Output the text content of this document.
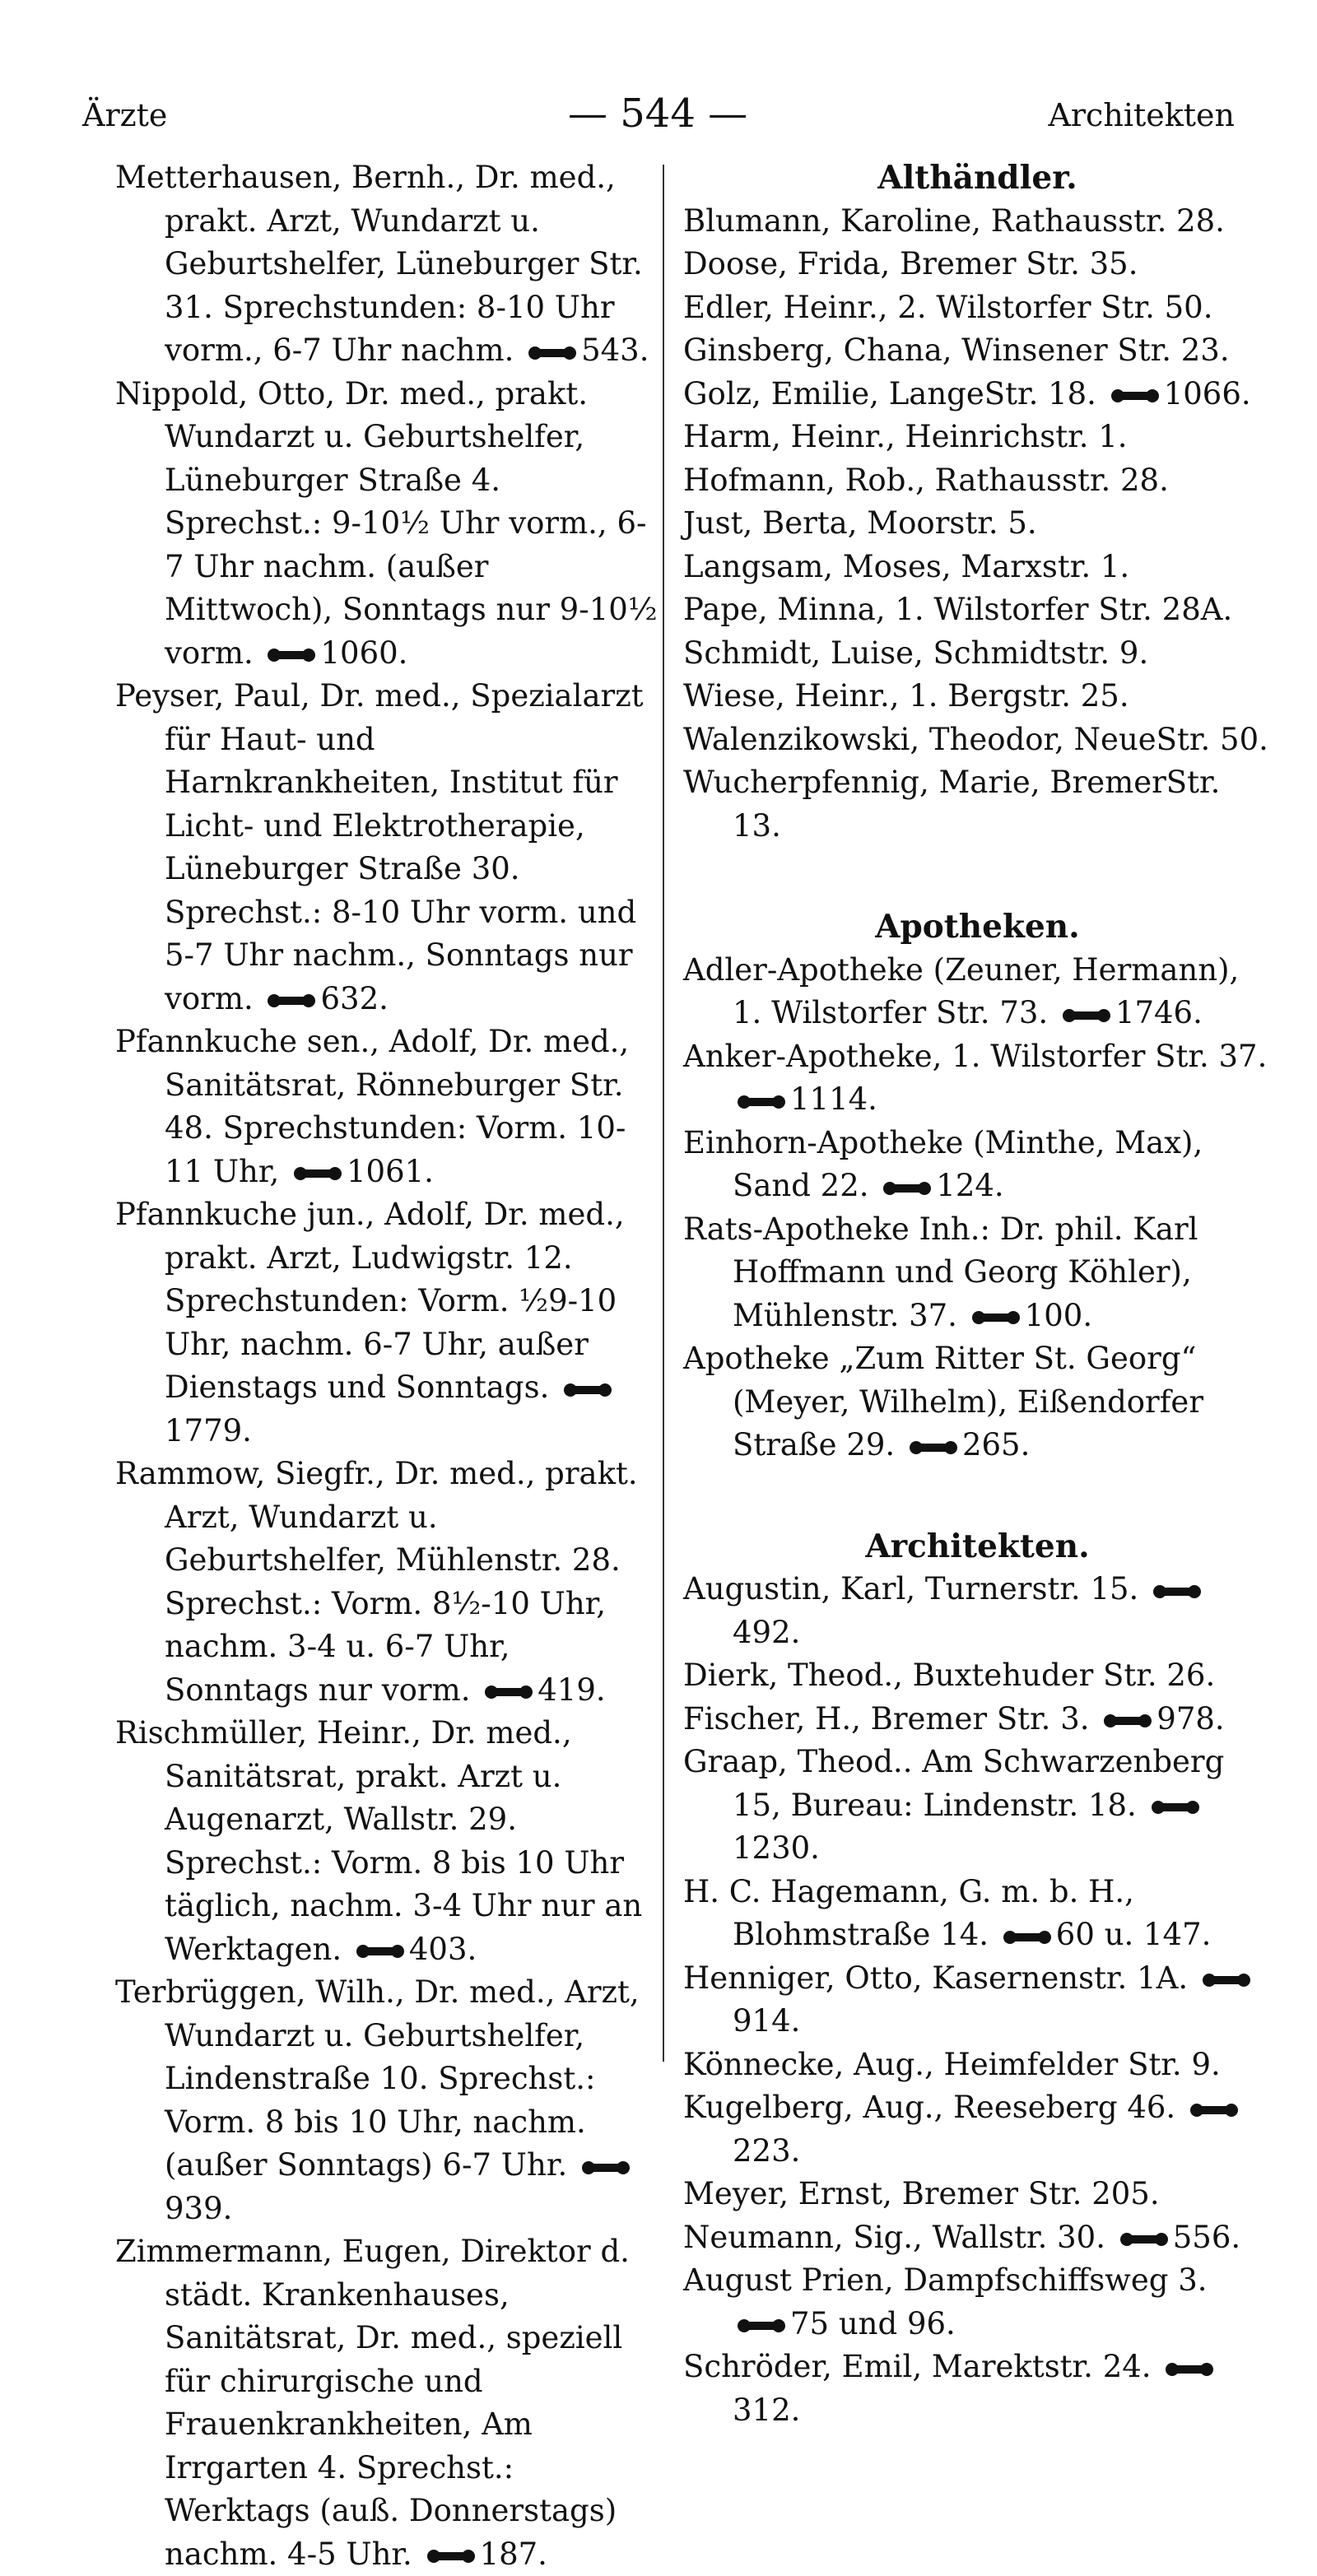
Ärzte	— 544 —	Architekten

Metterhausen, Bernh., Dr. med., prakt. Arzt, Wundarzt u. Geburtshelfer, Lüneburger Str. 31. Sprechstunden: 8-10 Uhr vorm., 6-7 Uhr nachm. 543.

Nippold, Otto, Dr. med., prakt. Wundarzt u. Geburtshelfer, Lüneburger Straße 4. Sprechst.: 9-10½ Uhr vorm., 6-7 Uhr nachm. (außer Mittwoch), Sonntags nur 9-10½ vorm. 1060.

Peyser, Paul, Dr. med., Spezialarzt für Haut- und Harnkrankheiten, Institut für Licht- und Elektrotherapie, Lüneburger Straße 30. Sprechst.: 8-10 Uhr vorm. und 5-7 Uhr nachm., Sonntags nur vorm. 632.

Pfannkuche sen., Adolf, Dr. med., Sanitätsrat, Rönneburger Str. 48. Sprechstunden: Vorm. 10-11 Uhr, 1061.

Pfannkuche jun., Adolf, Dr. med., prakt. Arzt, Ludwigstr. 12. Sprechstunden: Vorm. ½9-10 Uhr, nachm. 6-7 Uhr, außer Dienstags und Sonntags. 1779.

Rammow, Siegfr., Dr. med., prakt. Arzt, Wundarzt u. Geburtshelfer, Mühlenstr. 28. Sprechst.: Vorm. 8½-10 Uhr, nachm. 3-4 u. 6-7 Uhr, Sonntags nur vorm. 419.

Rischmüller, Heinr., Dr. med., Sanitätsrat, prakt. Arzt u. Augenarzt, Wallstr. 29. Sprechst.: Vorm. 8 bis 10 Uhr täglich, nachm. 3-4 Uhr nur an Werktagen. 403.

Terbrüggen, Wilh., Dr. med., Arzt, Wundarzt u. Geburtshelfer, Lindenstraße 10. Sprechst.: Vorm. 8 bis 10 Uhr, nachm. (außer Sonntags) 6-7 Uhr. 939.

Zimmermann, Eugen, Direktor d. städt. Krankenhauses, Sanitätsrat, Dr. med., speziell für chirurgische und Frauenkrankheiten, Am Irrgarten 4. Sprechst.: Werktags (auß. Donnerstags) nachm. 4-5 Uhr. 187.

Althändler.

Blumann, Karoline, Rathausstr. 28.

Doose, Frida, Bremer Str. 35.

Edler, Heinr., 2. Wilstorfer Str. 50.

Ginsberg, Chana, Winsener Str. 23.

Golz, Emilie, LangeStr. 18. 1066.

Harm, Heinr., Heinrichstr. 1.

Hofmann, Rob., Rathausstr. 28.

Just, Berta, Moorstr. 5.

Langsam, Moses, Marxstr. 1.

Pape, Minna, 1. Wilstorfer Str. 28A.

Schmidt, Luise, Schmidtstr. 9.

Wiese, Heinr., 1. Bergstr. 25.

Walenzikowski, Theodor, NeueStr. 50.

Wucherpfennig, Marie, BremerStr. 13.

Apotheken.

Adler-Apotheke (Zeuner, Hermann), 1. Wilstorfer Str. 73. 1746.

Anker-Apotheke, 1. Wilstorfer Str. 37. 1114.

Einhorn-Apotheke (Minthe, Max), Sand 22. 124.

Rats-Apotheke Inh.: Dr. phil. Karl Hoffmann und Georg Köhler), Mühlenstr. 37. 100.

Apotheke „Zum Ritter St. Georg“ (Meyer, Wilhelm), Eißendorfer Straße 29. 265.

Architekten.

Augustin, Karl, Turnerstr. 15. 492.

Dierk, Theod., Buxtehuder Str. 26.

Fischer, H., Bremer Str. 3. 978.

Graap, Theod.. Am Schwarzenberg 15, Bureau: Lindenstr. 18. 1230.

H. C. Hagemann, G. m. b. H., Blohmstraße 14. 60 u. 147.

Henniger, Otto, Kasernenstr. 1A. 914.

Könnecke, Aug., Heimfelder Str. 9.

Kugelberg, Aug., Reeseberg 46. 223.

Meyer, Ernst, Bremer Str. 205.

Neumann, Sig., Wallstr. 30. 556.

August Prien, Dampfschiffsweg 3. 75 und 96.

Schröder, Emil, Marektstr. 24. 312.
